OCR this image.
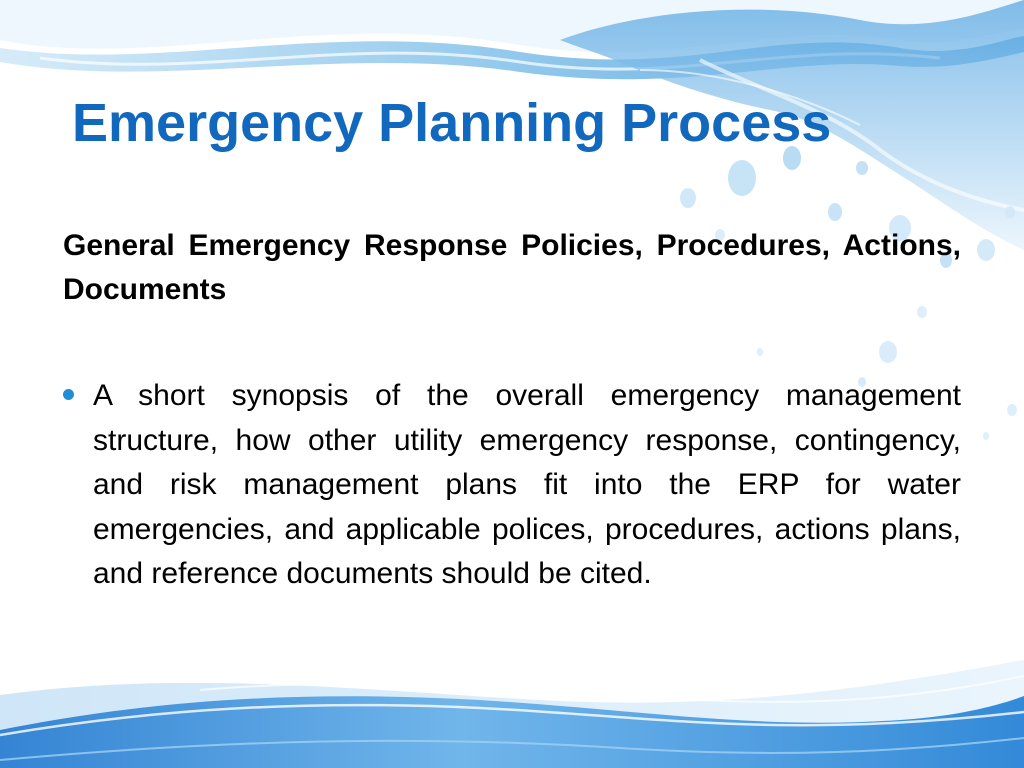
Emergency Planning Process

General Emergency Response Policies, Procedures, Actions, Documents

A short synopsis of the overall emergency management structure, how other utility emergency response, contingency, and risk management plans fit into the ERP for water emergencies, and applicable polices, procedures, actions plans, and reference documents should be cited.
